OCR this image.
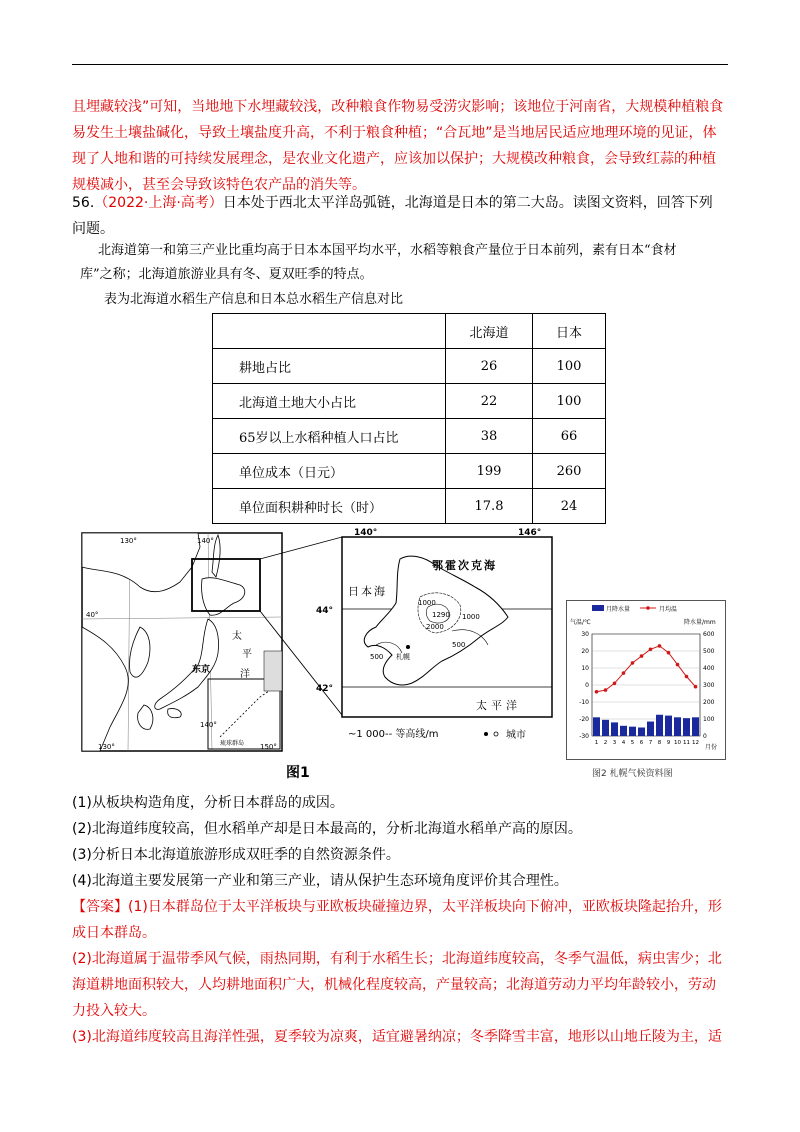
且埋藏较浅”可知，当地地下水埋藏较浅，改种粮食作物易受涝灾影响；该地位于河南省，大规模种植粮食
易发生土壤盐碱化，导致土壤盐度升高，不利于粮食种植；“合瓦地”是当地居民适应地理环境的见证，体
现了人地和谐的可持续发展理念，是农业文化遗产，应该加以保护；大规模改种粮食，会导致红蒜的种植
规模减小，甚至会导致该特色农产品的消失等。
56.（2022·上海·高考）日本处于西北太平洋岛弧链，北海道是日本的第二大岛。读图文资料，回答下列
问题。
北海道第一和第三产业比重均高于日本本国平均水平，水稻等粮食产量位于日本前列，素有日本“食材
库”之称；北海道旅游业具有冬、夏双旺季的特点。
表为北海道水稻生产信息和日本总水稻生产信息对比
	北海道	日本
耕地占比	26	100
北海道土地大小占比	22	100
65岁以上水稻种植人口占比	38	66
单位成本（日元）	199	260
单位面积耕种时长（时）	17.8	24
130°	140°
40°
130°
140°
150°
东京
太
平
洋
琉球群岛
140°	146°
44°
42°
鄂霍次克海
日本海
太平洋
札幌
1000
1290
2000
500
500
1000
~1 000-- 等高线/m	城市
图1
月降水量	月均温
气温/℃	降水量/mm
月份
30	600
20	500
10	400
0	300
-10	200
-20	100
-30	0
1 2 3 4 5 6 7 8 9 10 11 12
图2 札幌气候资料图
(1)从板块构造角度，分析日本群岛的成因。
(2)北海道纬度较高，但水稻单产却是日本最高的，分析北海道水稻单产高的原因。
(3)分析日本北海道旅游形成双旺季的自然资源条件。
(4)北海道主要发展第一产业和第三产业，请从保护生态环境角度评价其合理性。
【答案】(1)日本群岛位于太平洋板块与亚欧板块碰撞边界，太平洋板块向下俯冲，亚欧板块隆起抬升，形
成日本群岛。
(2)北海道属于温带季风气候，雨热同期，有利于水稻生长；北海道纬度较高，冬季气温低，病虫害少；北
海道耕地面积较大，人均耕地面积广大，机械化程度较高，产量较高；北海道劳动力平均年龄较小，劳动
力投入较大。
(3)北海道纬度较高且海洋性强，夏季较为凉爽，适宜避暑纳凉；冬季降雪丰富，地形以山地丘陵为主，适
